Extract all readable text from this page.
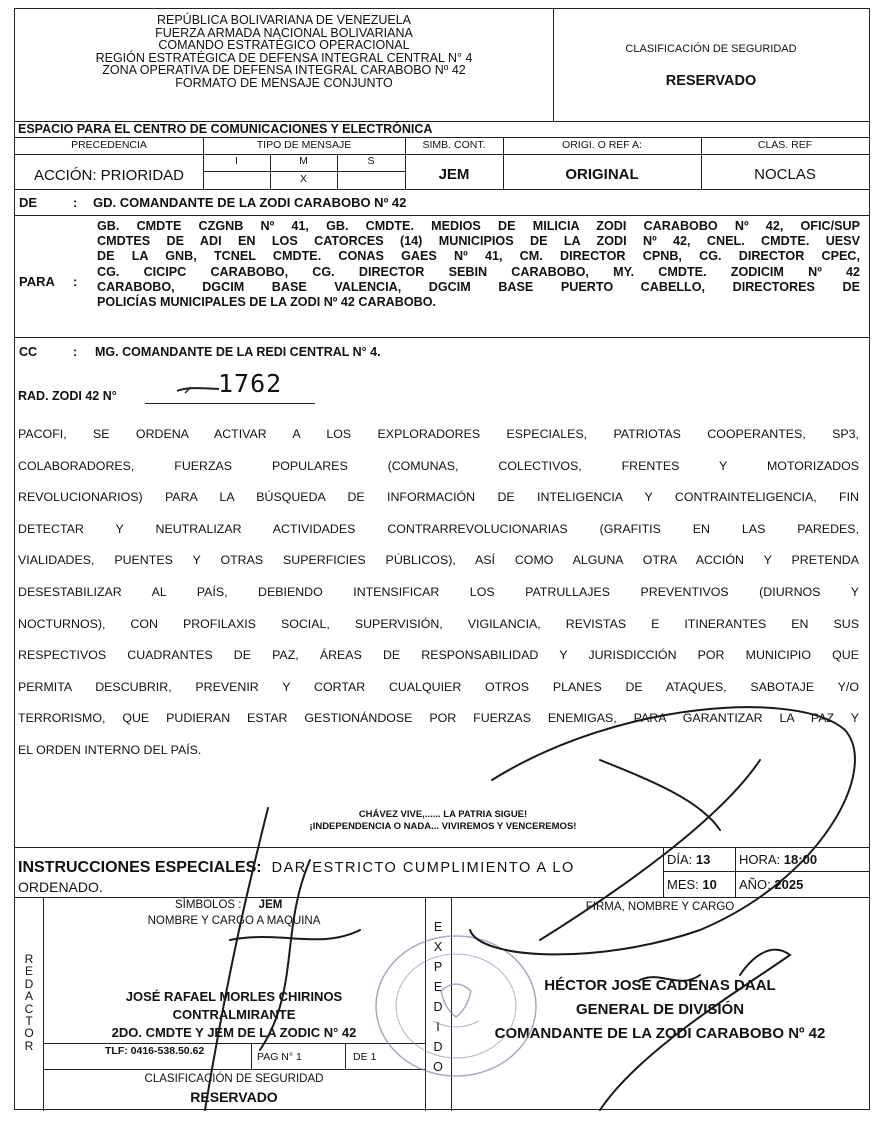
REPÚBLICA BOLIVARIANA DE VENEZUELA
FUERZA ARMADA NACIONAL BOLIVARIANA
COMANDO ESTRATÉGICO OPERACIONAL
REGIÓN ESTRATÉGICA DE DEFENSA INTEGRAL CENTRAL N° 4
ZONA OPERATIVA DE DEFENSA INTEGRAL CARABOBO Nº 42
FORMATO DE MENSAJE CONJUNTO
CLASIFICACIÓN DE SEGURIDAD
RESERVADO
ESPACIO PARA EL CENTRO DE COMUNICACIONES Y ELECTRÓNICA
PRECEDENCIA	TIPO DE MENSAJE	SIMB. CONT.	ORIGI. O REF A:	CLAS. REF
I	M	S
X
ACCIÓN: PRIORIDAD	JEM	ORIGINAL	NOCLAS
DE	: GD. COMANDANTE DE LA ZODI CARABOBO Nº 42
PARA :
GB. CMDTE CZGNB Nº 41, GB. CMDTE. MEDIOS DE MILICIA ZODI CARABOBO Nº 42, OFIC/SUP
CMDTES DE ADI EN LOS CATORCES (14) MUNICIPIOS DE LA ZODI Nº 42, CNEL. CMDTE. UESV
DE LA GNB, TCNEL CMDTE. CONAS GAES Nº 41, CM. DIRECTOR CPNB, CG. DIRECTOR CPEC,
CG. CICIPC CARABOBO, CG. DIRECTOR SEBIN CARABOBO, MY. CMDTE. ZODICIM Nº 42
CARABOBO, DGCIM BASE VALENCIA, DGCIM BASE PUERTO CABELLO, DIRECTORES DE
POLICÍAS MUNICIPALES DE LA ZODI Nº 42 CARABOBO.
CC	: MG. COMANDANTE DE LA REDI CENTRAL N° 4.
RAD. ZODI 42 N°	1762
PACOFI, SE ORDENA ACTIVAR A LOS EXPLORADORES ESPECIALES, PATRIOTAS COOPERANTES, SP3,
COLABORADORES, FUERZAS POPULARES (COMUNAS, COLECTIVOS, FRENTES Y MOTORIZADOS
REVOLUCIONARIOS) PARA LA BÚSQUEDA DE INFORMACIÓN DE INTELIGENCIA Y CONTRAINTELIGENCIA, FIN
DETECTAR Y NEUTRALIZAR ACTIVIDADES CONTRARREVOLUCIONARIAS (GRAFITIS EN LAS PAREDES,
VIALIDADES, PUENTES Y OTRAS SUPERFICIES PÚBLICOS), ASÍ COMO ALGUNA OTRA ACCIÓN Y PRETENDA
DESESTABILIZAR AL PAÍS, DEBIENDO INTENSIFICAR LOS PATRULLAJES PREVENTIVOS (DIURNOS Y
NOCTURNOS), CON PROFILAXIS SOCIAL, SUPERVISIÓN, VIGILANCIA, REVISTAS E ITINERANTES EN SUS
RESPECTIVOS CUADRANTES DE PAZ, ÁREAS DE RESPONSABILIDAD Y JURISDICCIÓN POR MUNICIPIO QUE
PERMITA DESCUBRIR, PREVENIR Y CORTAR CUALQUIER OTROS PLANES DE ATAQUES, SABOTAJE Y/O
TERRORISMO, QUE PUDIERAN ESTAR GESTIONÁNDOSE POR FUERZAS ENEMIGAS, PARA GARANTIZAR LA PAZ Y
EL ORDEN INTERNO DEL PAÍS.
CHÁVEZ VIVE,...... LA PATRIA SIGUE!
¡INDEPENDENCIA O NADA... VIVIREMOS Y VENCEREMOS!
INSTRUCCIONES ESPECIALES: DAR ESTRICTO CUMPLIMIENTO A LO
ORDENADO.
DÍA: 13 HORA: 18:00
MES: 10 AÑO: 2025
R
E
D
A
C
T
O
R
E
X
P
E
D
I
D
O
SÍMBOLOS : JEM
NOMBRE Y CARGO A MAQUINA
FIRMA, NOMBRE Y CARGO
JOSÉ RAFAEL MORLES CHIRINOS
CONTRALMIRANTE
2DO. CMDTE Y JEM DE LA ZODIC N° 42
TLF: 0416-538.50.62	PAG N° 1	DE 1
CLASIFICACIÓN DE SEGURIDAD
RESERVADO
HÉCTOR JOSÉ CADENAS DAAL
GENERAL DE DIVISIÓN
COMANDANTE DE LA ZODI CARABOBO Nº 42
